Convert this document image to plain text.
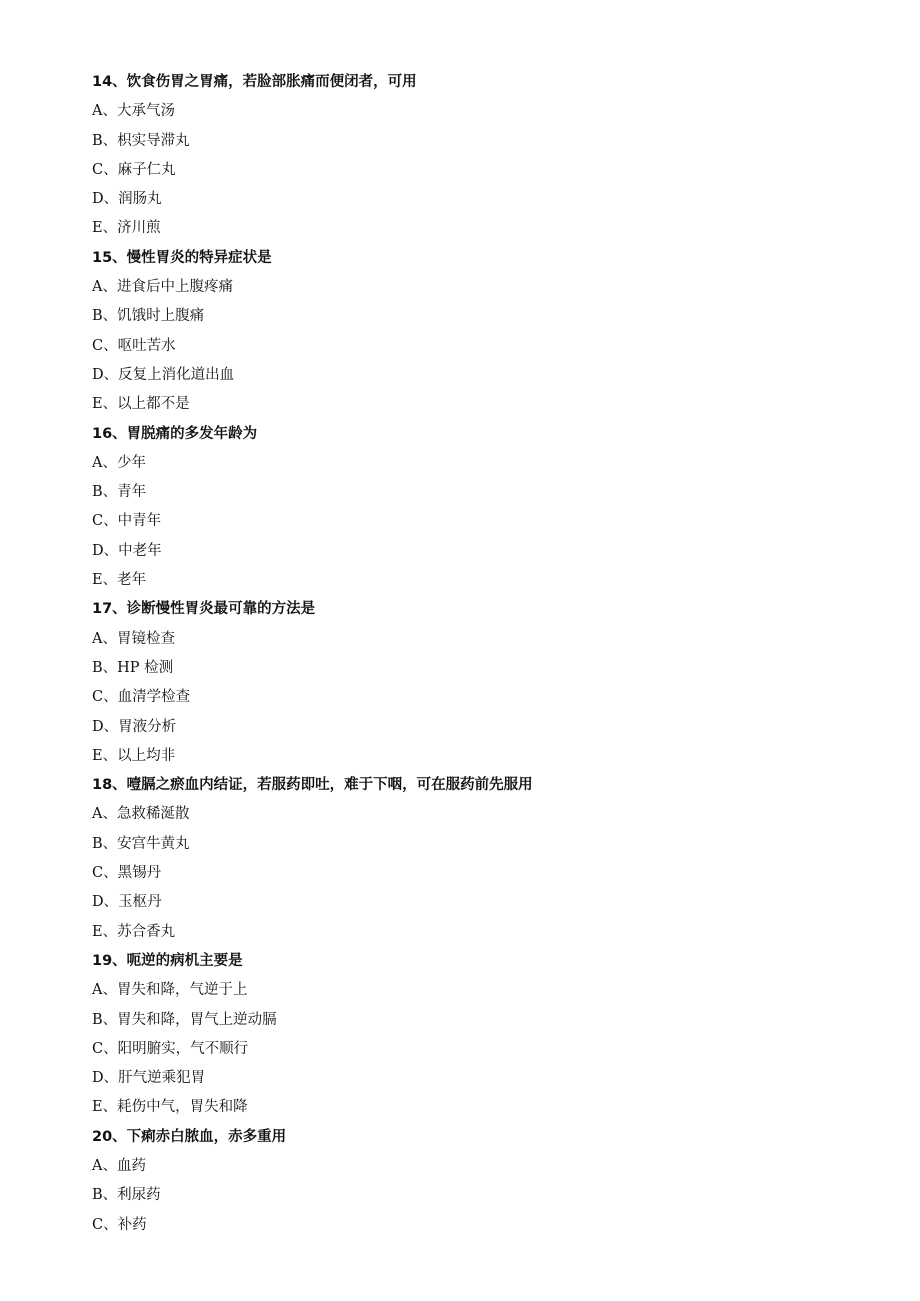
14、饮食伤胃之胃痛，若脸部胀痛而便闭者，可用
A、大承气汤
B、枳实导滞丸
C、麻子仁丸
D、润肠丸
E、济川煎
15、慢性胃炎的特异症状是
A、进食后中上腹疼痛
B、饥饿时上腹痛
C、呕吐苦水
D、反复上消化道出血
E、以上都不是
16、胃脱痛的多发年龄为
A、少年
B、青年
C、中青年
D、中老年
E、老年
17、诊断慢性胃炎最可靠的方法是
A、胃镜检查
B、HP 检测
C、血清学检查
D、胃液分析
E、以上均非
18、噎膈之瘀血内结证，若服药即吐，难于下咽，可在服药前先服用
A、急救稀涎散
B、安宫牛黄丸
C、黑锡丹
D、玉枢丹
E、苏合香丸
19、呃逆的病机主要是
A、胃失和降，气逆于上
B、胃失和降，胃气上逆动膈
C、阳明腑实，气不顺行
D、肝气逆乘犯胃
E、耗伤中气，胃失和降
20、下痢赤白脓血，赤多重用
A、血药
B、利尿药
C、补药
